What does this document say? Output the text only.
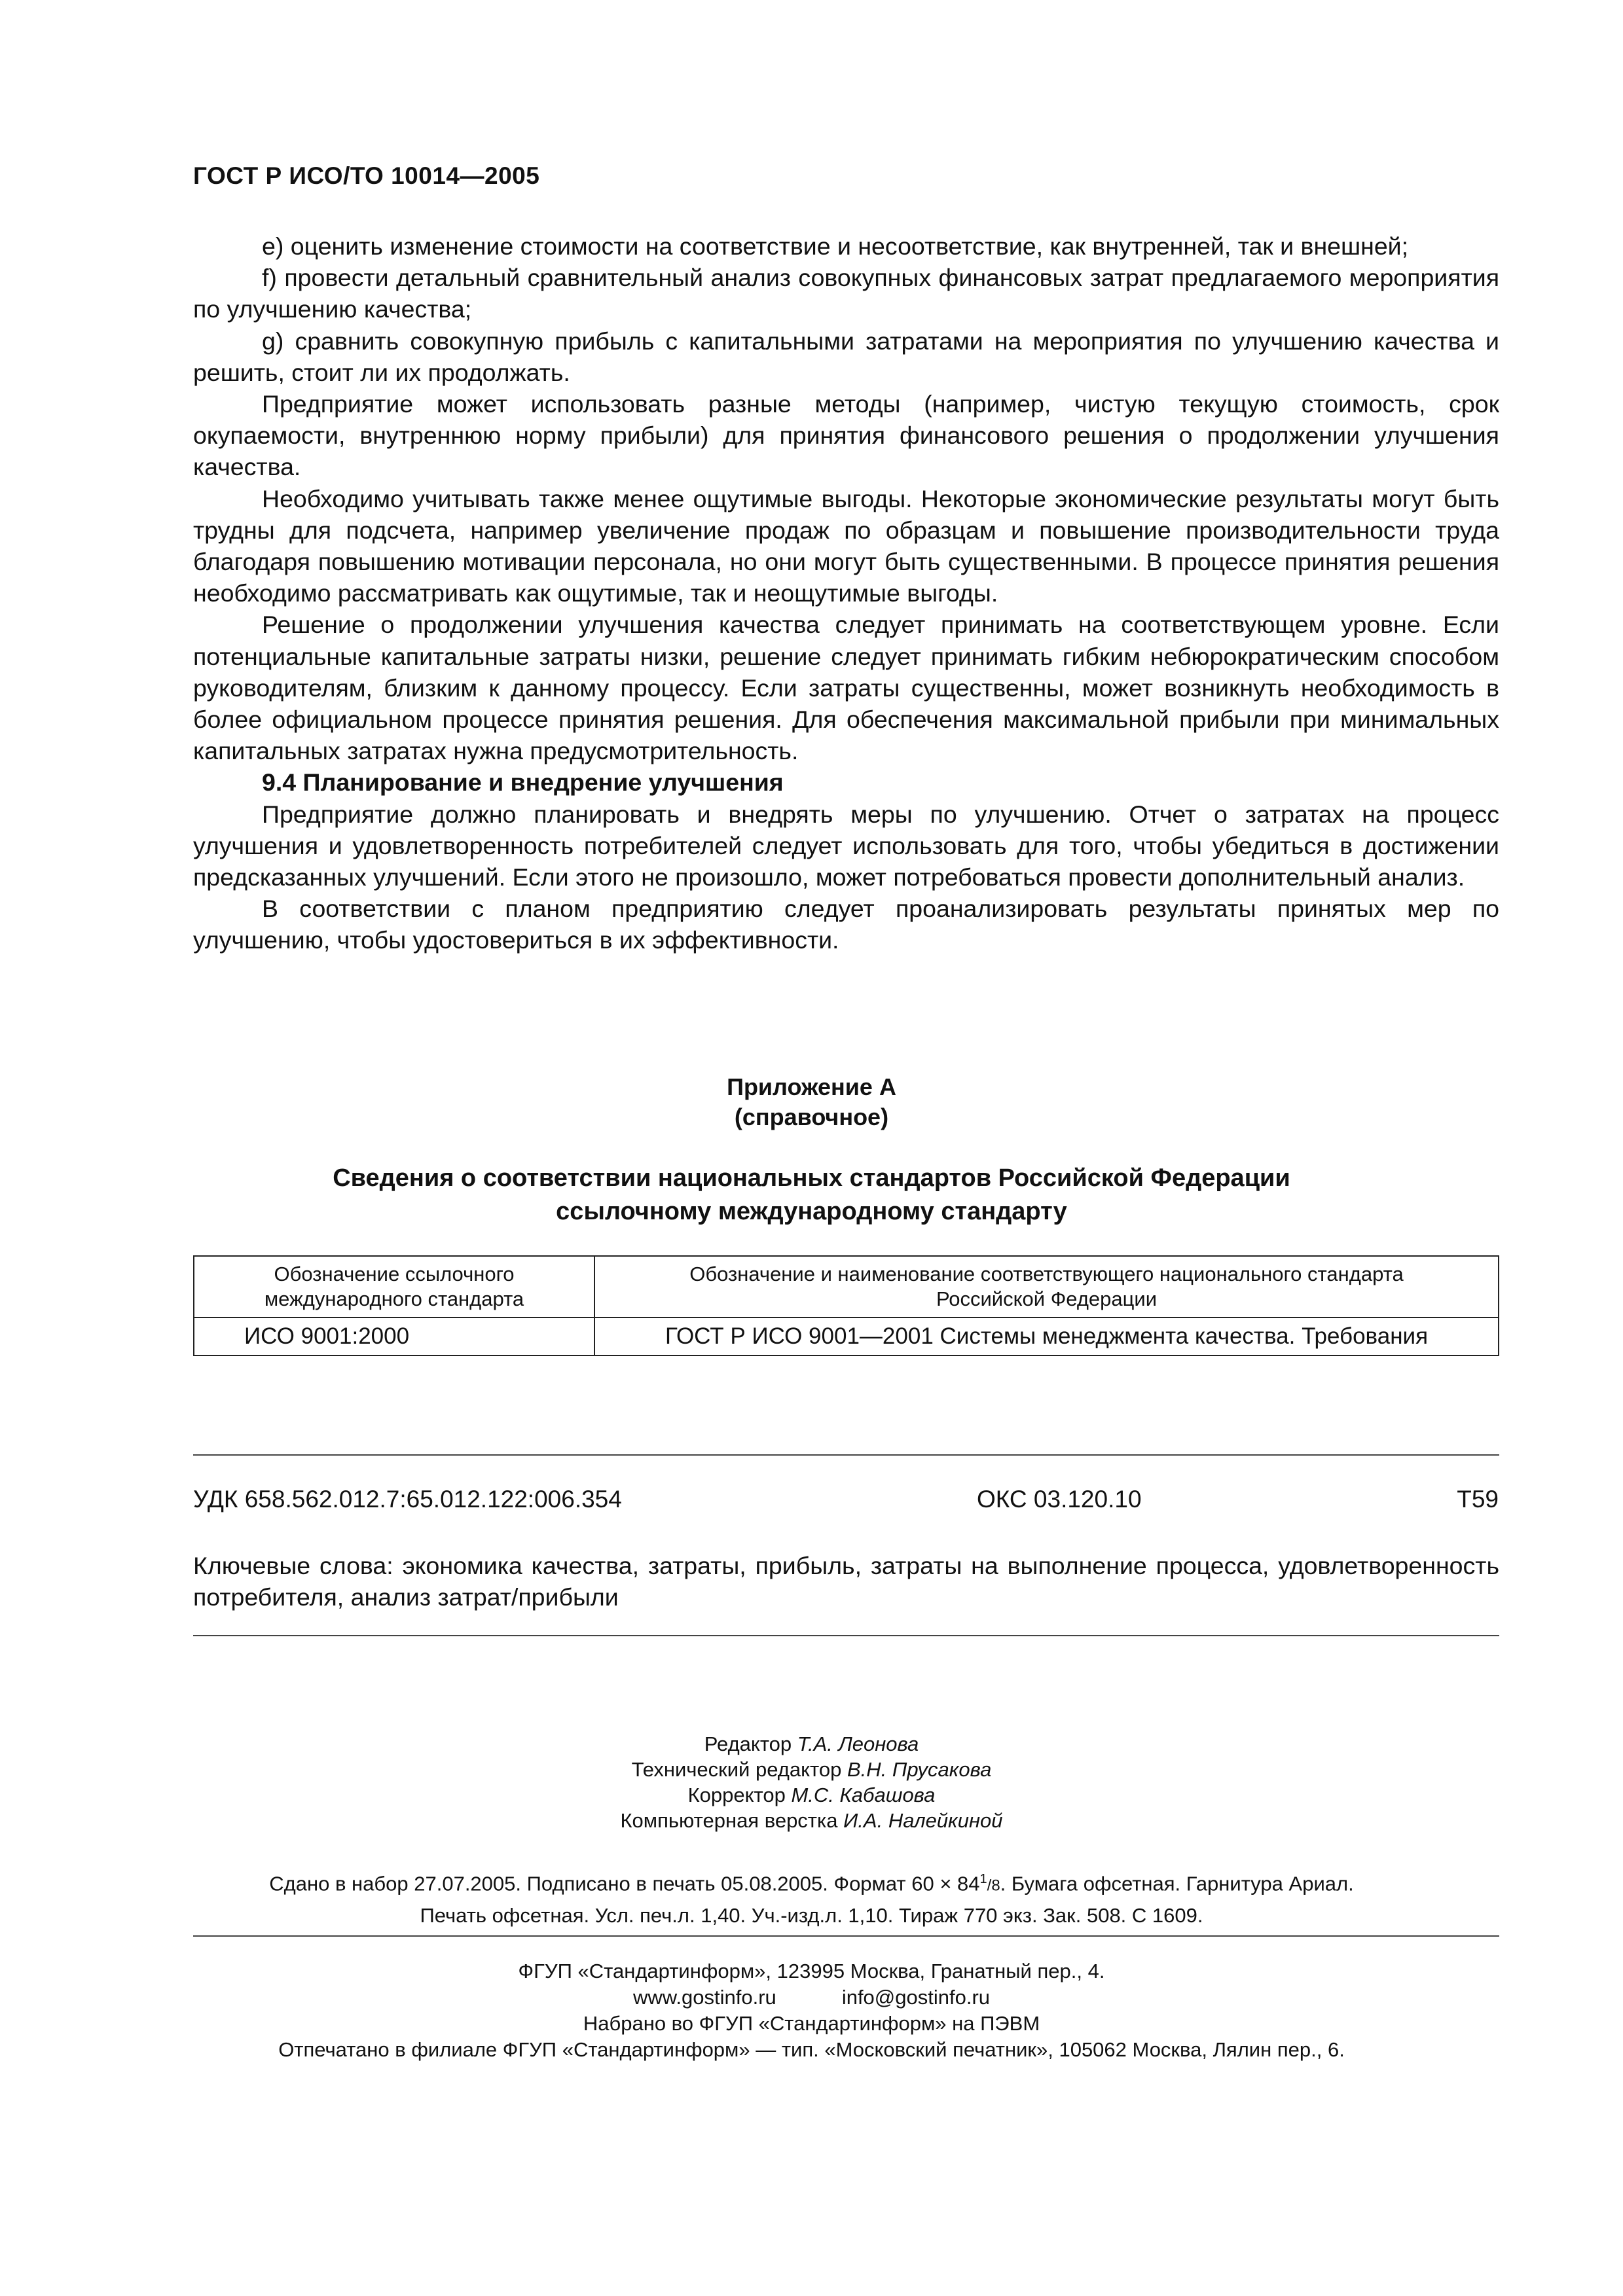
ГОСТ Р ИСО/ТО 10014—2005

e) оценить изменение стоимости на соответствие и несоответствие, как внутренней, так и внешней;

f) провести детальный сравнительный анализ совокупных финансовых затрат предлагаемого мероприятия по улучшению качества;

g) сравнить совокупную прибыль с капитальными затратами на мероприятия по улучшению качества и решить, стоит ли их продолжать.

Предприятие может использовать разные методы (например, чистую текущую стоимость, срок окупаемости, внутреннюю норму прибыли) для принятия финансового решения о продолжении улучшения качества.

Необходимо учитывать также менее ощутимые выгоды. Некоторые экономические результаты могут быть трудны для подсчета, например увеличение продаж по образцам и повышение производительности труда благодаря повышению мотивации персонала, но они могут быть существенными. В процессе принятия решения необходимо рассматривать как ощутимые, так и неощутимые выгоды.

Решение о продолжении улучшения качества следует принимать на соответствующем уровне. Если потенциальные капитальные затраты низки, решение следует принимать гибким небюрократическим способом руководителям, близким к данному процессу. Если затраты существенны, может возникнуть необходимость в более официальном процессе принятия решения. Для обеспечения максимальной прибыли при минимальных капитальных затратах нужна предусмотрительность.

9.4 Планирование и внедрение улучшения

Предприятие должно планировать и внедрять меры по улучшению. Отчет о затратах на процесс улучшения и удовлетворенность потребителей следует использовать для того, чтобы убедиться в достижении предсказанных улучшений. Если этого не произошло, может потребоваться провести дополнительный анализ.

В соответствии с планом предприятию следует проанализировать результаты принятых мер по улучшению, чтобы удостовериться в их эффективности.

Приложение А
(справочное)
Сведения о соответствии национальных стандартов Российской Федерации
ссылочному международному стандарту
Обозначение ссылочного международного стандарта	Обозначение и наименование соответствующего национального стандарта Российской Федерации

ИСО 9001:2000	ГОСТ Р ИСО 9001—2001 Системы менеджмента качества. Требования
УДК 658.562.012.7:65.012.122:006.354	ОКС 03.120.10	Т59
Ключевые слова: экономика качества, затраты, прибыль, затраты на выполнение процесса, удовлетворенность потребителя, анализ затрат/прибыли
Редактор Т.А. Леонова
Технический редактор В.Н. Прусакова
Корректор М.С. Кабашова
Компьютерная верстка И.А. Налейкиной
Сдано в набор 27.07.2005. Подписано в печать 05.08.2005. Формат $60 \times 84^1/8$. Бумага офсетная. Гарнитура Ариал.
Печать офсетная. Усл. печ.л. 1,40. Уч.-изд.л. 1,10. Тираж 770 экз. Зак. 508. С 1609.
ФГУП «Стандартинформ», 123995 Москва, Гранатный пер., 4.
www.gostinfo.ru	info@gostinfo.ru
Набрано во ФГУП «Стандартинформ» на ПЭВМ
Отпечатано в филиале ФГУП «Стандартинформ» — тип. «Московский печатник», 105062 Москва, Лялин пер., 6.
